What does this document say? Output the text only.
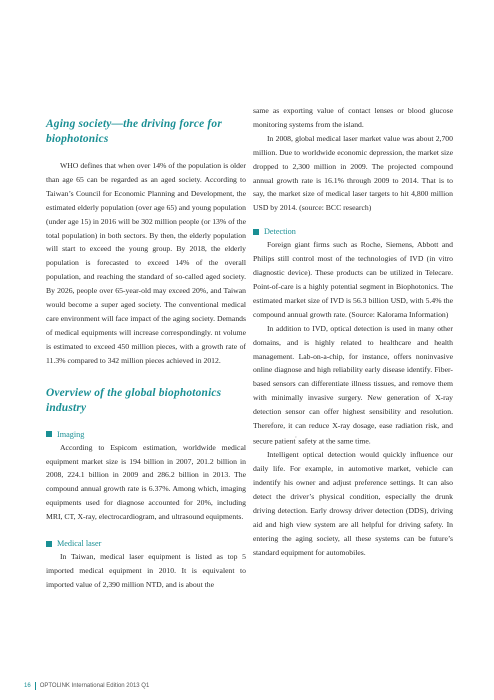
Aging society—the driving force for biophotonics

WHO defines that when over 14% of the population is older than age 65 can be regarded as an aged society. According to Taiwan’s Council for Economic Planning and Development, the estimated elderly population (over age 65) and young population (under age 15) in 2016 will be 302 million people (or 13% of the total population) in both sectors. By then, the elderly population will start to exceed the young group. By 2018, the elderly population is forecasted to exceed 14% of the overall population, and reaching the standard of so-called aged society. By 2026, people over 65-year-old may exceed 20%, and Taiwan would become a super aged society. The conventional medical care environment will face impact of the aging society. Demands of medical equipments will increase correspondingly. nt volume is estimated to exceed 450 million pieces, with a growth rate of 11.3% compared to 342 million pieces achieved in 2012.

Overview of the global biophotonics industry
Imaging

According to Espicom estimation, worldwide medical equipment market size is 194 billion in 2007, 201.2 billion in 2008, 224.1 billion in 2009 and 286.2 billion in 2013. The compound annual growth rate is 6.37%. Among which, imaging equipments used for diagnose accounted for 20%, including MRI, CT, X-ray, electrocardiogram, and ultrasound equipments.

Medical laser

In Taiwan, medical laser equipment is listed as top 5 imported medical equipment in 2010. It is equivalent to imported value of 2,390 million NTD, and is about the

same as exporting value of contact lenses or blood glucose monitoring systems from the island.

In 2008, global medical laser market value was about 2,700 million. Due to worldwide economic depression, the market size dropped to 2,300 million in 2009. The projected compound annual growth rate is 16.1% through 2009 to 2014. That is to say, the market size of medical laser targets to hit 4,800 million USD by 2014. (source: BCC research)

Detection

Foreign giant firms such as Roche, Siemens, Abbott and Philips still control most of the technologies of IVD (in vitro diagnostic device). These products can be utilized in Telecare. Point-of-care is a highly potential segment in Biophotonics. The estimated market size of IVD is 56.3 billion USD, with 5.4% the compound annual growth rate. (Source: Kalorama Information)

In addition to IVD, optical detection is used in many other domains, and is highly related to healthcare and health management. Lab-on-a-chip, for instance, offers noninvasive online diagnose and high reliability early disease identify. Fiber-based sensors can differentiate illness tissues, and remove them with minimally invasive surgery. New generation of X-ray detection sensor can offer highest sensibility and resolution. Therefore, it can reduce X-ray dosage, ease radiation risk, and secure patient' safety at the same time.

Intelligent optical detection would quickly influence our daily life. For example, in automotive market, vehicle can indentify his owner and adjust preference settings. It can also detect the driver’s physical condition, especially the drunk driving detection. Early drowsy driver detection (DDS), driving aid and high view system are all helpful for driving safety. In entering the aging society, all these systems can be future’s standard equipment for automobiles.

16 OPTOLINK International Edition 2013 Q1
